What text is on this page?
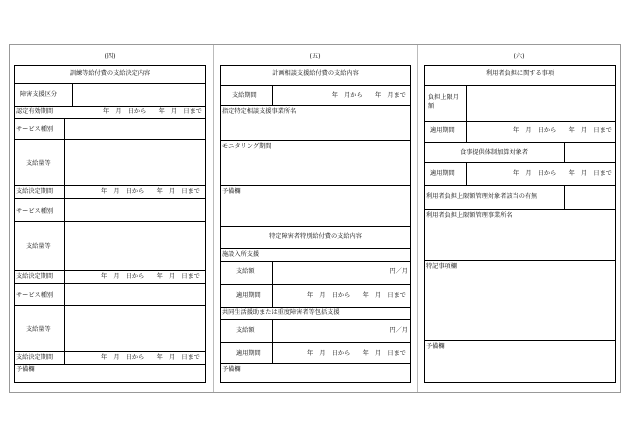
(四)
訓練等給付費の支給決定内容
障害支援区分
認定有効期間	年　月　日から　　年　月　日まで
サービス種別
支給量等
支給決定期間	年　月　日から　　年　月　日まで
サービス種別
支給量等
支給決定期間	年　月　日から　　年　月　日まで
サービス種別
支給量等
支給決定期間	年　月　日から　　年　月　日まで
予備欄
(五)
計画相談支援給付費の支給内容
支給期間	年　月から　　年　月まで
指定特定相談支援事業所名
モニタリング期間
予備欄
特定障害者特別給付費の支給内容
施設入所支援
支給額	円／月
適用期間	年　月　日から　　年　月　日まで
共同生活援助または重度障害者等包括支援
支給額	円／月
適用期間	年　月　日から　　年　月　日まで
予備欄
(六)
利用者負担に関する事項
負担上限月額
適用期間	年　月　日から　　年　月　日まで
食事提供体制加算対象者
適用期間	年　月　日から　　年　月　日まで
利用者負担上限額管理対象者該当の有無
利用者負担上限額管理事業所名
特記事項欄
予備欄
